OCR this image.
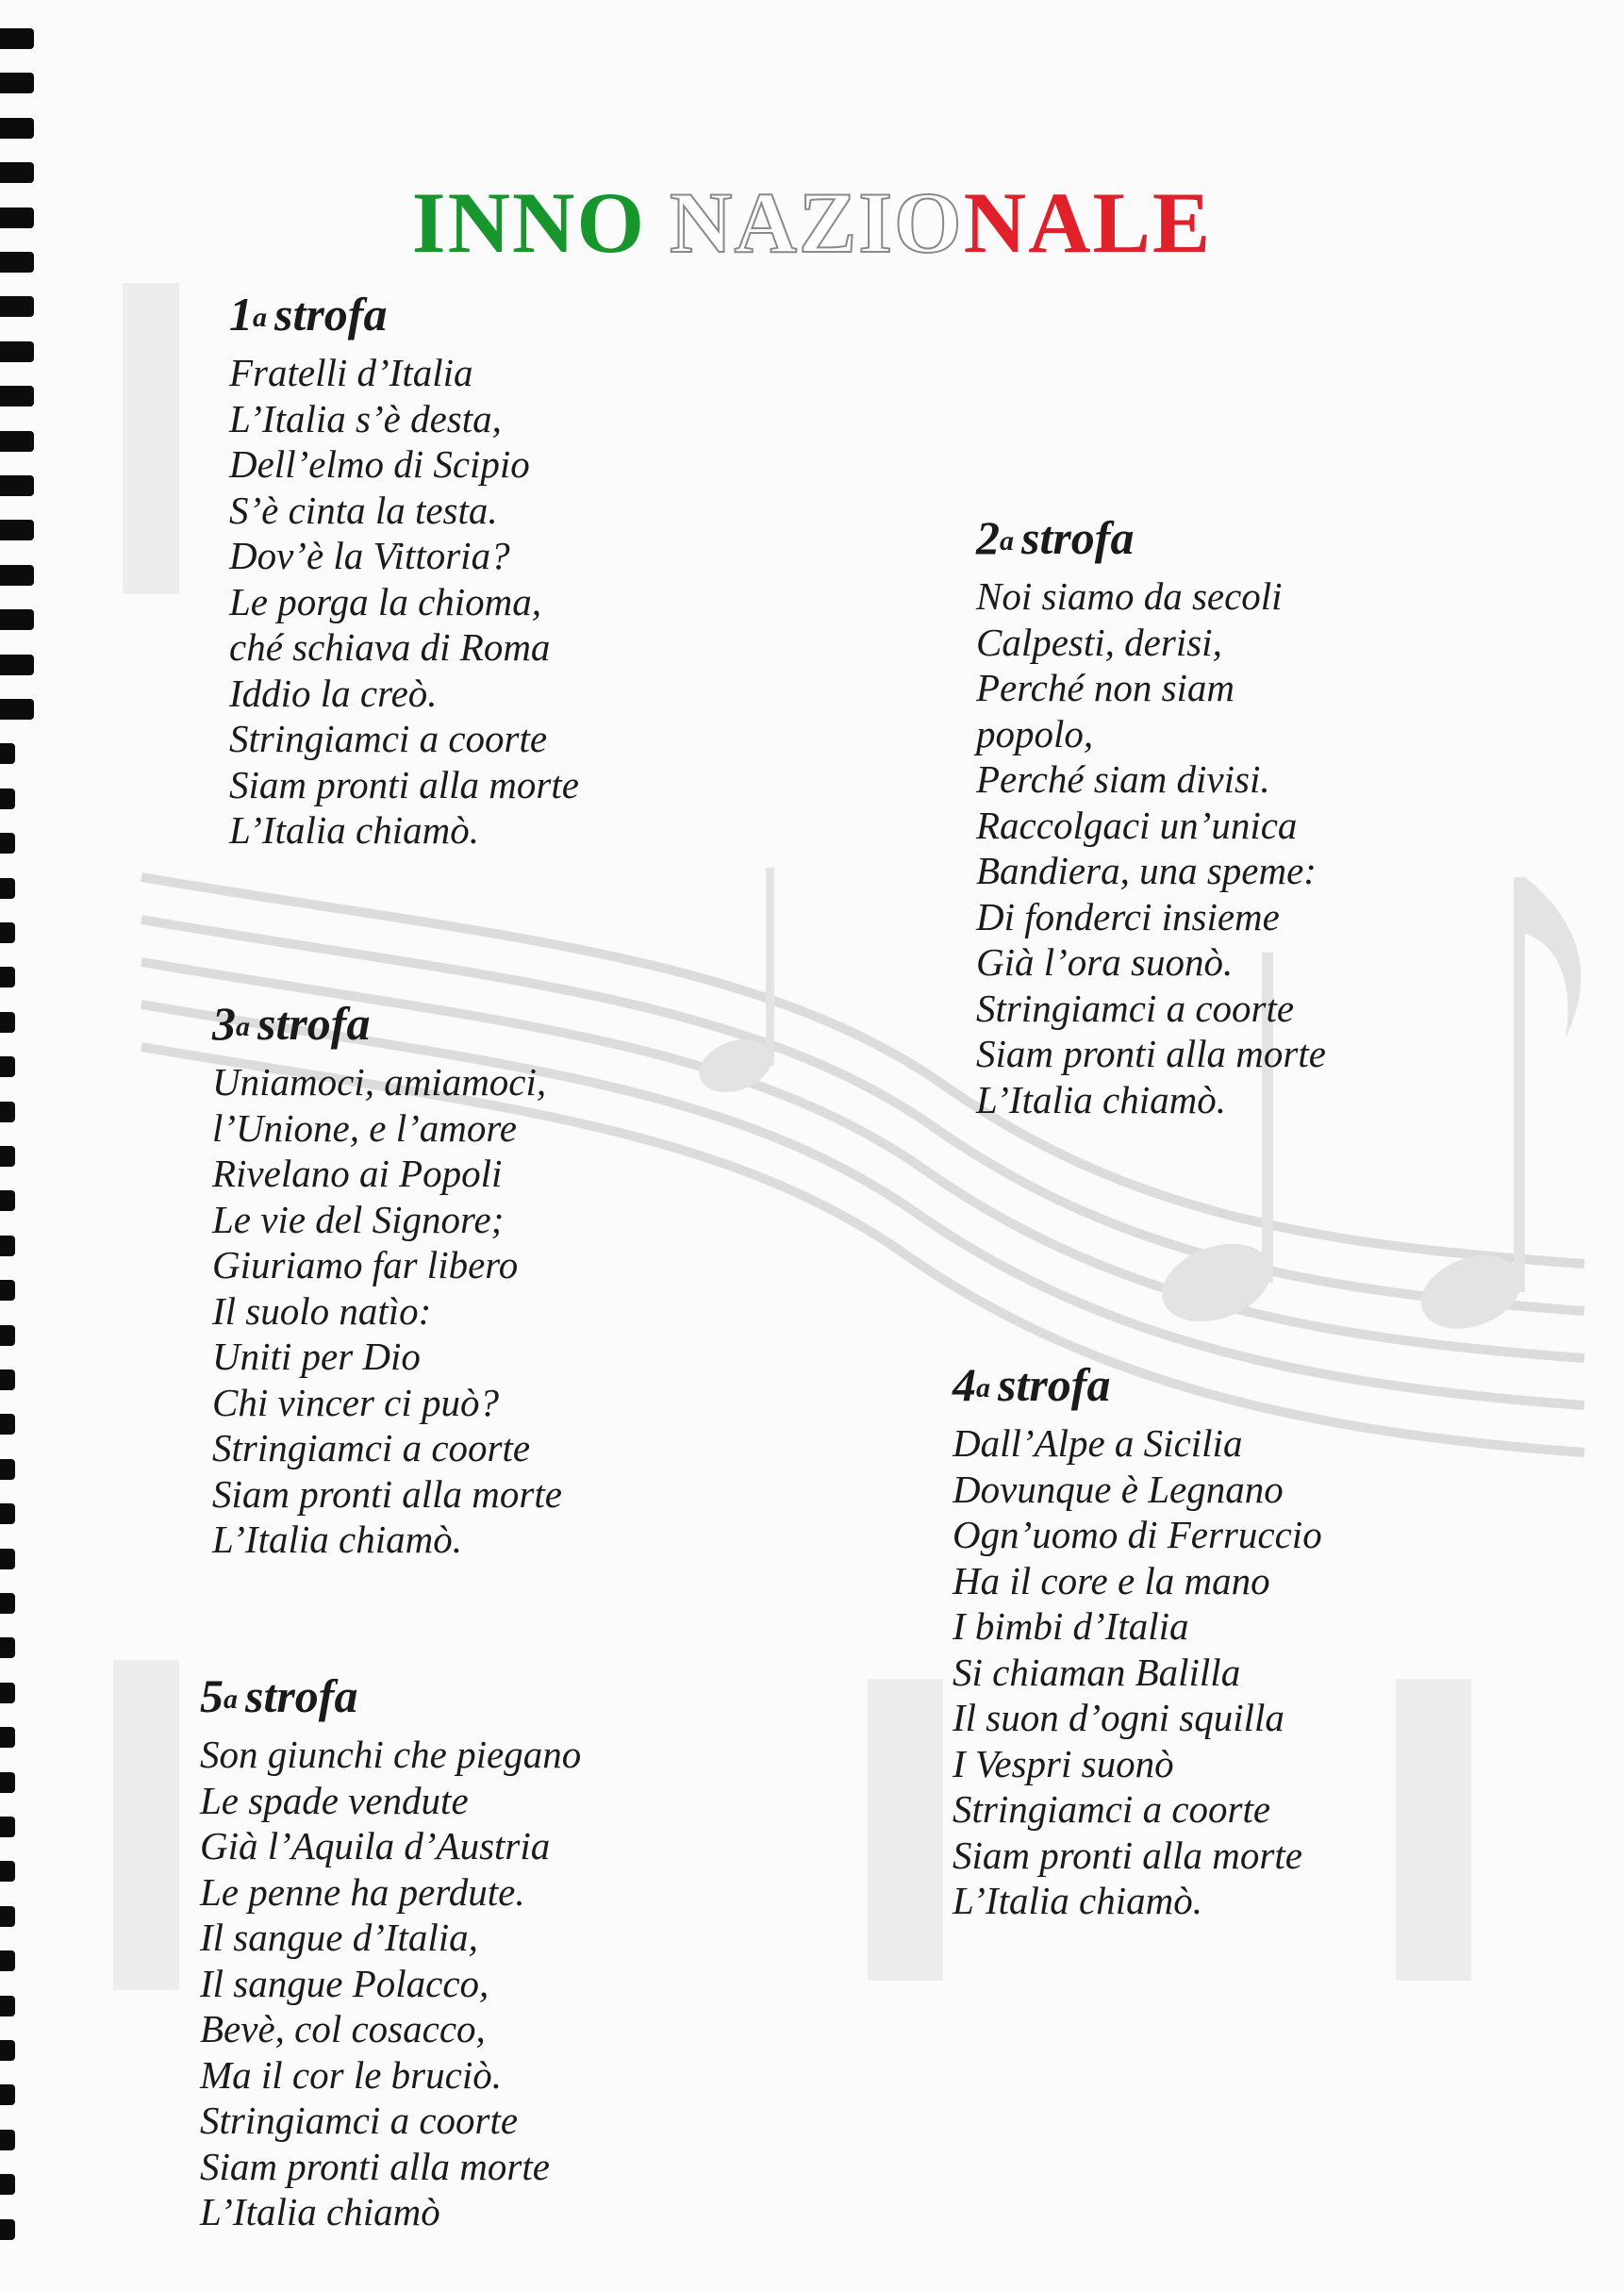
INNO NAZIONALE
1$^a$ strofa
Fratelli d’Italia
L’Italia s’è desta,
Dell’elmo di Scipio
S’è cinta la testa.
Dov’è la Vittoria?
Le porga la chioma,
ché schiava di Roma
Iddio la creò.
Stringiamci a coorte
Siam pronti alla morte
L’Italia chiamò.
2$^a$ strofa
Noi siamo da secoli
Calpesti, derisi,
Perché non siam
popolo,
Perché siam divisi.
Raccolgaci un’unica
Bandiera, una speme:
Di fonderci insieme
Già l’ora suonò.
Stringiamci a coorte
Siam pronti alla morte
L’Italia chiamò.
3$^a$ strofa
Uniamoci, amiamoci,
l’Unione, e l’amore
Rivelano ai Popoli
Le vie del Signore;
Giuriamo far libero
Il suolo natìo:
Uniti per Dio
Chi vincer ci può?
Stringiamci a coorte
Siam pronti alla morte
L’Italia chiamò.
4$^a$ strofa
Dall’Alpe a Sicilia
Dovunque è Legnano
Ogn’uomo di Ferruccio
Ha il core e la mano
I bimbi d’Italia
Si chiaman Balilla
Il suon d’ogni squilla
I Vespri suonò
Stringiamci a coorte
Siam pronti alla morte
L’Italia chiamò.
5$^a$ strofa
Son giunchi che piegano
Le spade vendute
Già l’Aquila d’Austria
Le penne ha perdute.
Il sangue d’Italia,
Il sangue Polacco,
Bevè, col cosacco,
Ma il cor le bruciò.
Stringiamci a coorte
Siam pronti alla morte
L’Italia chiamò
